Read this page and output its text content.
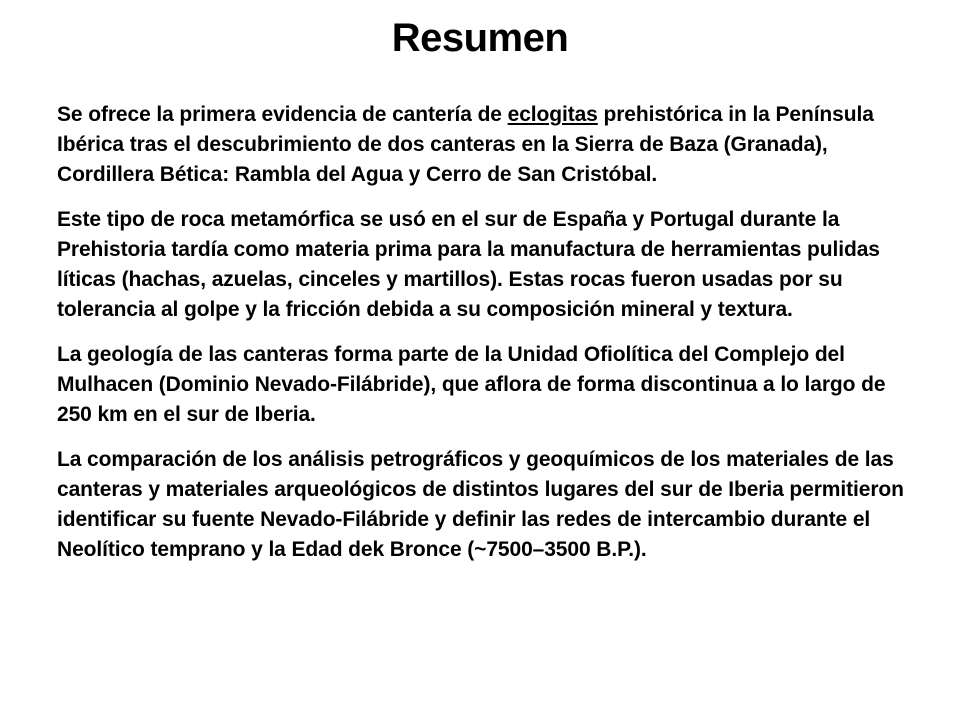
Resumen

Se ofrece la primera evidencia de cantería de eclogitas prehistórica in la Península Ibérica tras el descubrimiento de dos canteras en la Sierra de Baza (Granada), Cordillera Bética: Rambla del Agua y Cerro de San Cristóbal.

Este tipo de roca metamórfica se usó en el sur de España y Portugal durante la Prehistoria tardía como materia prima para la manufactura de herramientas pulidas líticas (hachas, azuelas, cinceles y martillos). Estas rocas fueron usadas por su tolerancia al golpe y la fricción debida a su composición mineral y textura.

La geología de las canteras forma parte de la Unidad Ofiolítica del Complejo del Mulhacen (Dominio Nevado-Filábride), que aflora de forma discontinua a lo largo de 250 km en el sur de Iberia.

La comparación de los análisis petrográficos y geoquímicos de los materiales de las canteras y materiales arqueológicos de distintos lugares del sur de Iberia permitieron identificar su fuente Nevado-Filábride y definir las redes de intercambio durante el Neolítico temprano y la Edad dek Bronce (~7500–3500 B.P.).
